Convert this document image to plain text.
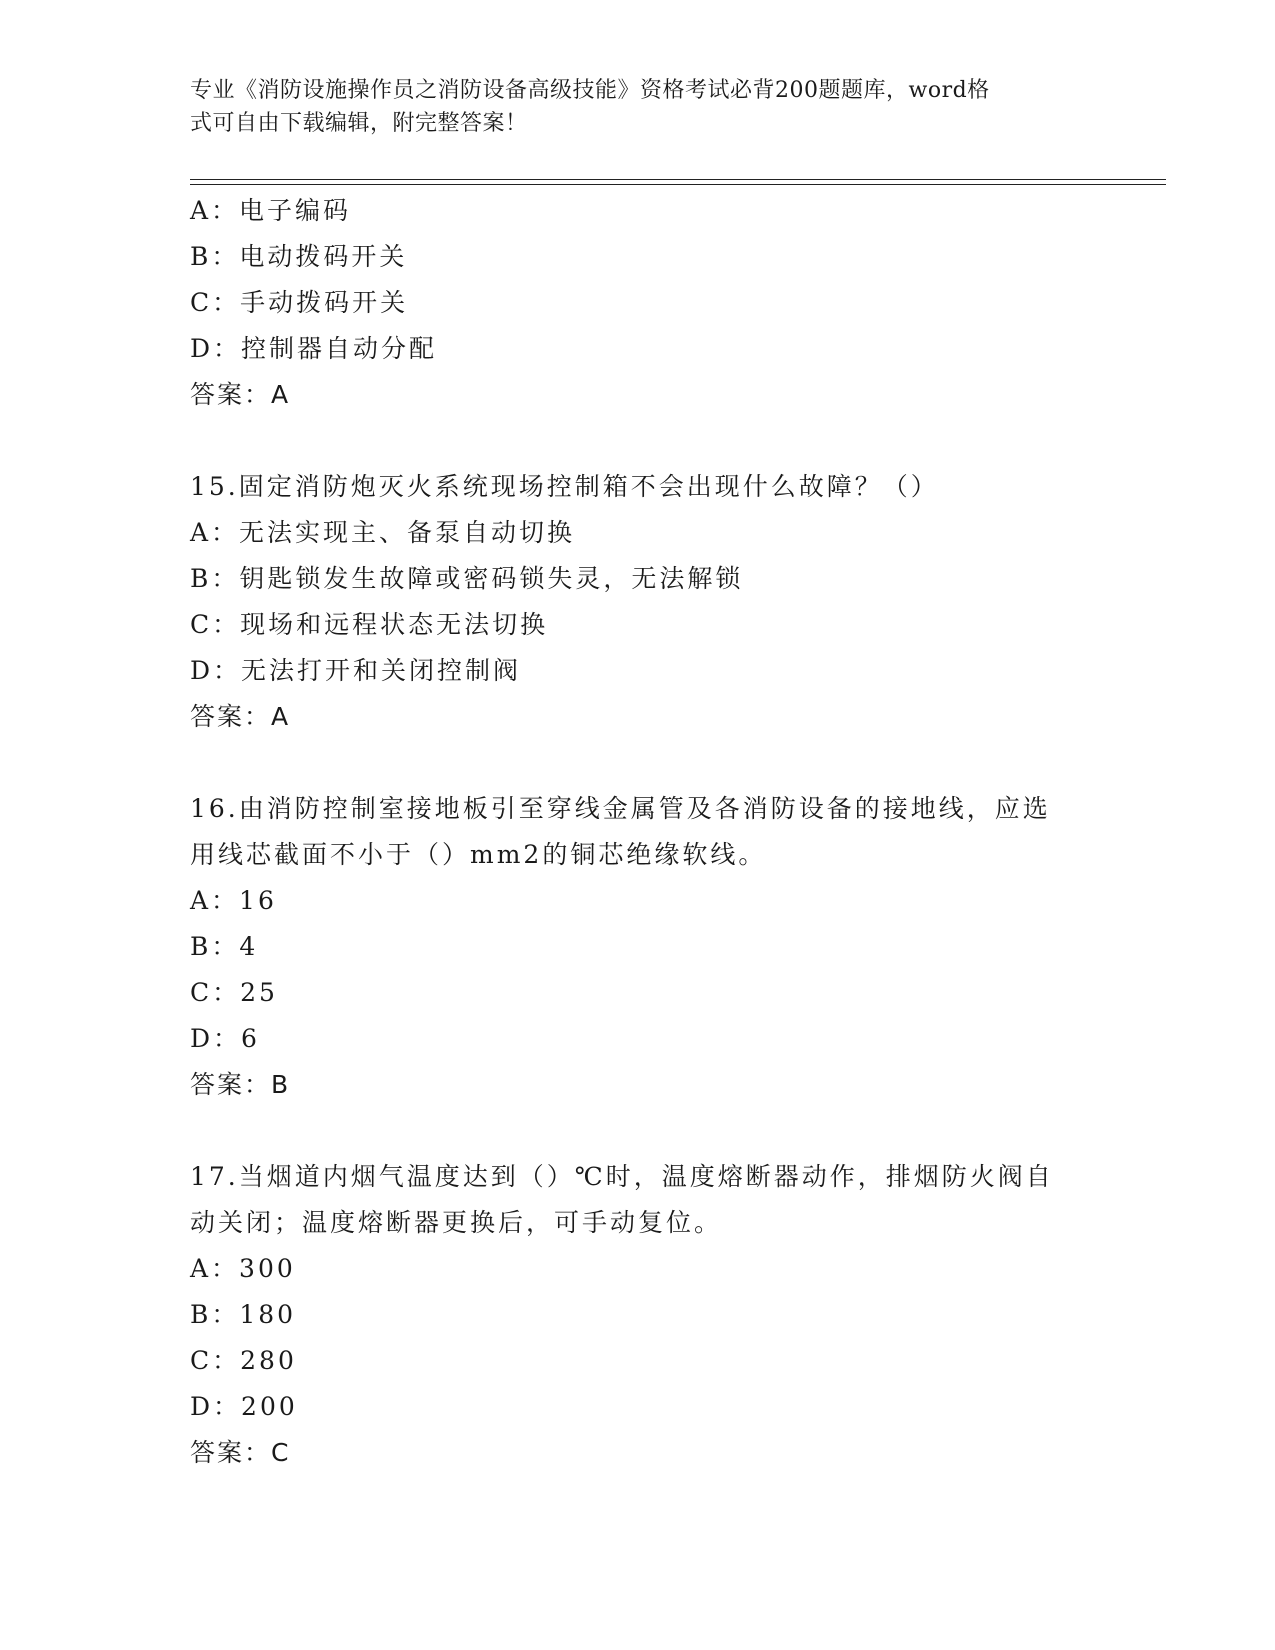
专业《消防设施操作员之消防设备高级技能》资格考试必背200题题库，word格
式可自由下载编辑，附完整答案！
A：电子编码
B：电动拨码开关
C：手动拨码开关
D：控制器自动分配
答案：A
15.固定消防炮灭火系统现场控制箱不会出现什么故障？（）
A：无法实现主、备泵自动切换
B：钥匙锁发生故障或密码锁失灵，无法解锁
C：现场和远程状态无法切换
D：无法打开和关闭控制阀
答案：A
16.由消防控制室接地板引至穿线金属管及各消防设备的接地线，应选
用线芯截面不小于（）mm2的铜芯绝缘软线。
A：16
B：4
C：25
D：6
答案：B
17.当烟道内烟气温度达到（）℃时，温度熔断器动作，排烟防火阀自
动关闭；温度熔断器更换后，可手动复位。
A：300
B：180
C：280
D：200
答案：C
